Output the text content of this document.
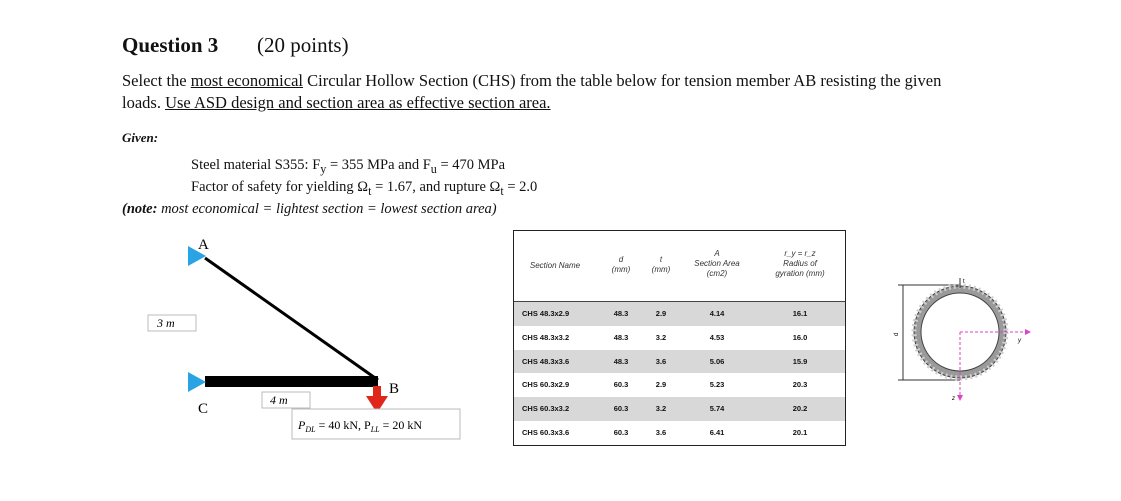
Question 3 (20 points)
Select the most economical Circular Hollow Section (CHS) from the table below for tension member AB resisting the given loads. Use ASD design and section area as effective section area.
Given:
Steel material S355: $F_y = 355$ MPa and $F_u = 470$ MPa
Factor of safety for yielding $\Omega_t = 1.67$, and rupture $\Omega_t = 2.0$
(note: most economical = lightest section = lowest section area)
A
B
C
3 m
4 m
$P_{DL} = 40$ kN, $P_{LL} = 20$ kN
Section Name
d
(mm)
t
(mm)
A
Section Area
(cm2)
r_y = r_z
Radius of
gyration (mm)
CHS 48.3x2.9	48.3	2.9	4.14	16.1
CHS 48.3x3.2	48.3	3.2	4.53	16.0
CHS 48.3x3.6	48.3	3.6	5.06	15.9
CHS 60.3x2.9	60.3	2.9	5.23	20.3
CHS 60.3x3.2	60.3	3.2	5.74	20.2
CHS 60.3x3.6	60.3	3.6	6.41	20.1
d
t
y
z
